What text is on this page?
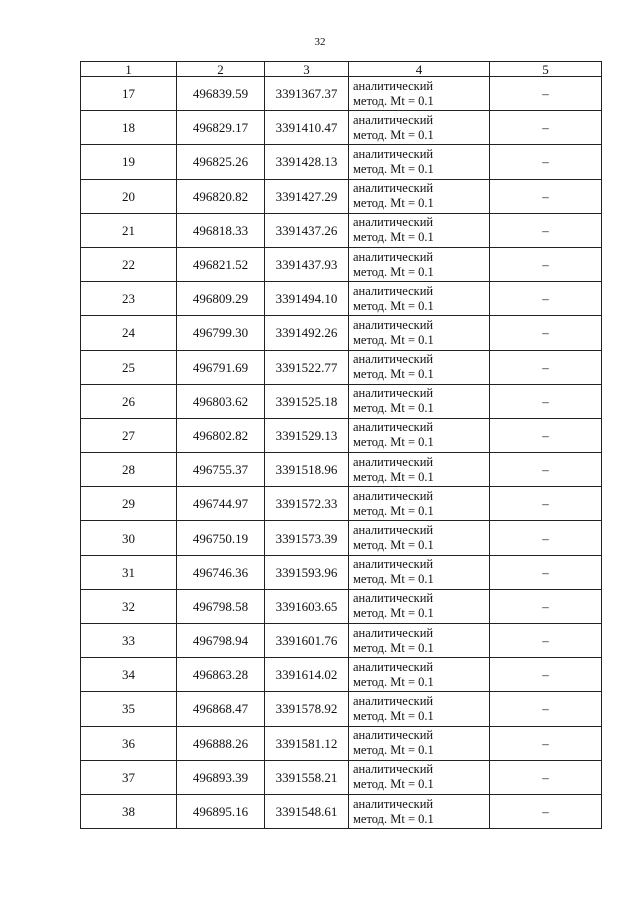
32
1	2	3	4	5
17	496839.59	3391367.37	аналитический
метод. Mt = 0.1	–
18	496829.17	3391410.47	аналитический
метод. Mt = 0.1	–
19	496825.26	3391428.13	аналитический
метод. Mt = 0.1	–
20	496820.82	3391427.29	аналитический
метод. Mt = 0.1	–
21	496818.33	3391437.26	аналитический
метод. Mt = 0.1	–
22	496821.52	3391437.93	аналитический
метод. Mt = 0.1	–
23	496809.29	3391494.10	аналитический
метод. Mt = 0.1	–
24	496799.30	3391492.26	аналитический
метод. Mt = 0.1	–
25	496791.69	3391522.77	аналитический
метод. Mt = 0.1	–
26	496803.62	3391525.18	аналитический
метод. Mt = 0.1	–
27	496802.82	3391529.13	аналитический
метод. Mt = 0.1	–
28	496755.37	3391518.96	аналитический
метод. Mt = 0.1	–
29	496744.97	3391572.33	аналитический
метод. Mt = 0.1	–
30	496750.19	3391573.39	аналитический
метод. Mt = 0.1	–
31	496746.36	3391593.96	аналитический
метод. Mt = 0.1	–
32	496798.58	3391603.65	аналитический
метод. Mt = 0.1	–
33	496798.94	3391601.76	аналитический
метод. Mt = 0.1	–
34	496863.28	3391614.02	аналитический
метод. Mt = 0.1	–
35	496868.47	3391578.92	аналитический
метод. Mt = 0.1	–
36	496888.26	3391581.12	аналитический
метод. Mt = 0.1	–
37	496893.39	3391558.21	аналитический
метод. Mt = 0.1	–
38	496895.16	3391548.61	аналитический
метод. Mt = 0.1	–
